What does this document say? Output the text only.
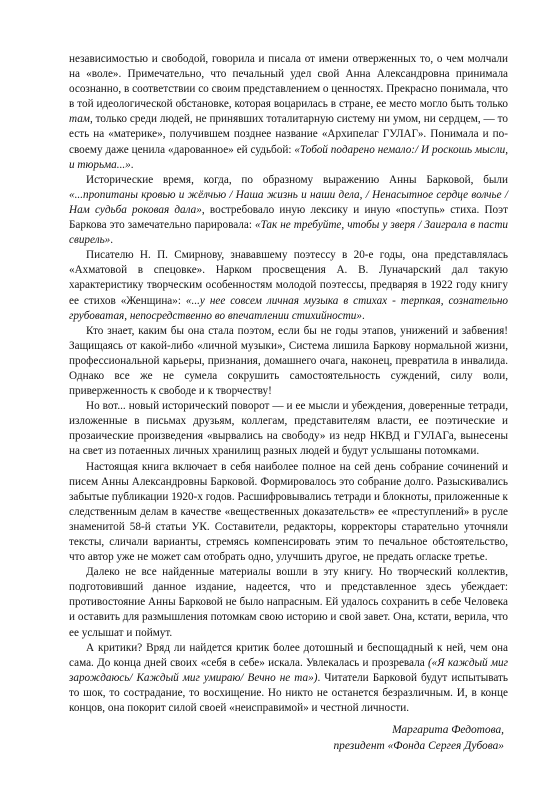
независимостью и свободой, говорила и писала от имени отверженных то, о чем молчали на «воле». Примечательно, что печальный удел свой Анна Александровна принимала осознанно, в соответствии со своим представлением о ценностях. Прекрасно понимала, что в той идеологической обстановке, которая воцарилась в стране, ее место могло быть только там, только среди людей, не принявших тоталитарную систему ни умом, ни сердцем, — то есть на «материке», получившем позднее название «Архипелаг ГУЛАГ». Понимала и по-своему даже ценила «дарованное» ей судьбой: «Тобой подарено немало:/ И роскошь мысли, и тюрьма...».

Исторические время, когда, по образному выражению Анны Барковой, были «...пропитаны кровью и жёлчью / Наша жизнь и наши дела, / Ненасытное сердце волчье / Нам судьба роковая дала», востребовало иную лексику и иную «поступь» стиха. Поэт Баркова это замечательно парировала: «Так не требуйте, чтобы у зверя / Заиграла в пасти свирель».

Писателю Н. П. Смирнову, знававшему поэтессу в 20-е годы, она представлялась «Ахматовой в спецовке». Нарком просвещения А. В. Луначарский дал такую характеристику творческим особенностям молодой поэтессы, предваряя в 1922 году книгу ее стихов «Женщина»: «...у нее совсем личная музыка в стихах - терпкая, сознательно грубоватая, непосредственно во впечатлении стихийности».

Кто знает, каким бы она стала поэтом, если бы не годы этапов, унижений и забвения! Защищаясь от какой-либо «личной музыки», Система лишила Баркову нормальной жизни, профессиональной карьеры, признания, домашнего очага, наконец, превратила в инвалида. Однако все же не сумела сокрушить самостоятельность суждений, силу воли, приверженность к свободе и к творчеству!

Но вот... новый исторический поворот — и ее мысли и убеждения, доверенные тетради, изложенные в письмах друзьям, коллегам, представителям власти, ее поэтические и прозаические произведения «вырвались на свободу» из недр НКВД и ГУЛАГа, вынесены на свет из потаенных личных хранилищ разных людей и будут услышаны потомками.

Настоящая книга включает в себя наиболее полное на сей день собрание сочинений и писем Анны Александровны Барковой. Формировалось это собрание долго. Разыскивались забытые публикации 1920-х годов. Расшифровывались тетради и блокноты, приложенные к следственным делам в качестве «вещественных доказательств» ее «преступлений» в русле знаменитой 58-й статьи УК. Составители, редакторы, корректоры старательно уточняли тексты, сличали варианты, стремясь компенсировать этим то печальное обстоятельство, что автор уже не может сам отобрать одно, улучшить другое, не предать огласке третье.

Далеко не все найденные материалы вошли в эту книгу. Но творческий коллектив, подготовивший данное издание, надеется, что и представленное здесь убеждает: противостояние Анны Барковой не было напрасным. Ей удалось сохранить в себе Человека и оставить для размышления потомкам свою историю и свой завет. Она, кстати, верила, что ее услышат и поймут.

А критики? Вряд ли найдется критик более дотошный и беспощадный к ней, чем она сама. До конца дней своих «себя в себе» искала. Увлекалась и прозревала («Я каждый миг зарождаюсь/ Каждый миг умираю/ Вечно не та»). Читатели Барковой будут испытывать то шок, то сострадание, то восхищение. Но никто не останется безразличным. И, в конце концов, она покорит силой своей «неисправимой» и честной личности.

Маргарита Федотова,
президент «Фонда Сергея Дубова»
